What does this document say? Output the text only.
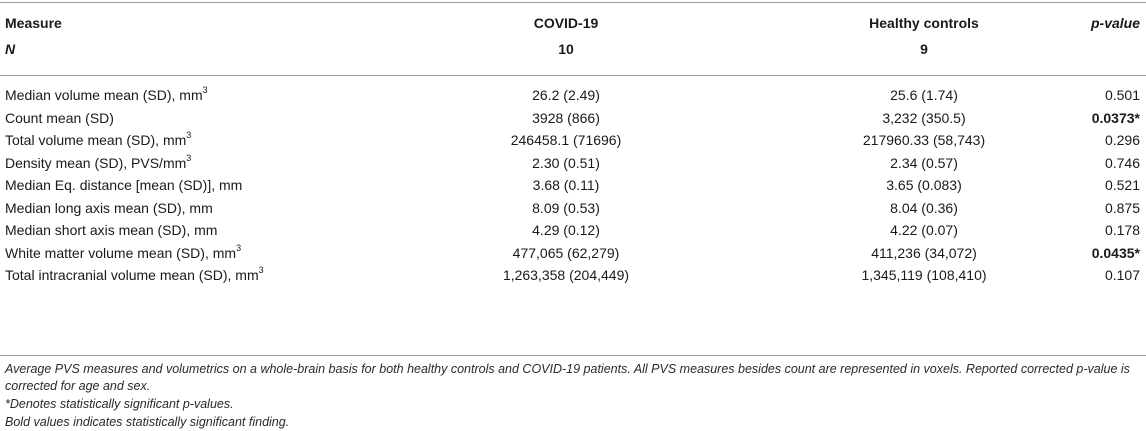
Measure	COVID-19	Healthy controls	p-value
N	10	9
Median volume mean (SD), $mm^3$	26.2 (2.49)	25.6 (1.74)	0.501
Count mean (SD)	3928 (866)	3,232 (350.5)	0.0373*
Total volume mean (SD), $mm^3$	246458.1 (71696)	217960.33 (58,743)	0.296
Density mean (SD), PVS/$mm^3$	2.30 (0.51)	2.34 (0.57)	0.746
Median Eq. distance [mean (SD)], mm	3.68 (0.11)	3.65 (0.083)	0.521
Median long axis mean (SD), mm	8.09 (0.53)	8.04 (0.36)	0.875
Median short axis mean (SD), mm	4.29 (0.12)	4.22 (0.07)	0.178
White matter volume mean (SD), $mm^3$	477,065 (62,279)	411,236 (34,072)	0.0435*
Total intracranial volume mean (SD), $mm^3$	1,263,358 (204,449)	1,345,119 (108,410)	0.107
Average PVS measures and volumetrics on a whole-brain basis for both healthy controls and COVID-19 patients. All PVS measures besides count are represented in voxels. Reported corrected p-value is corrected for age and sex.
*Denotes statistically significant p-values.
Bold values indicates statistically significant finding.
